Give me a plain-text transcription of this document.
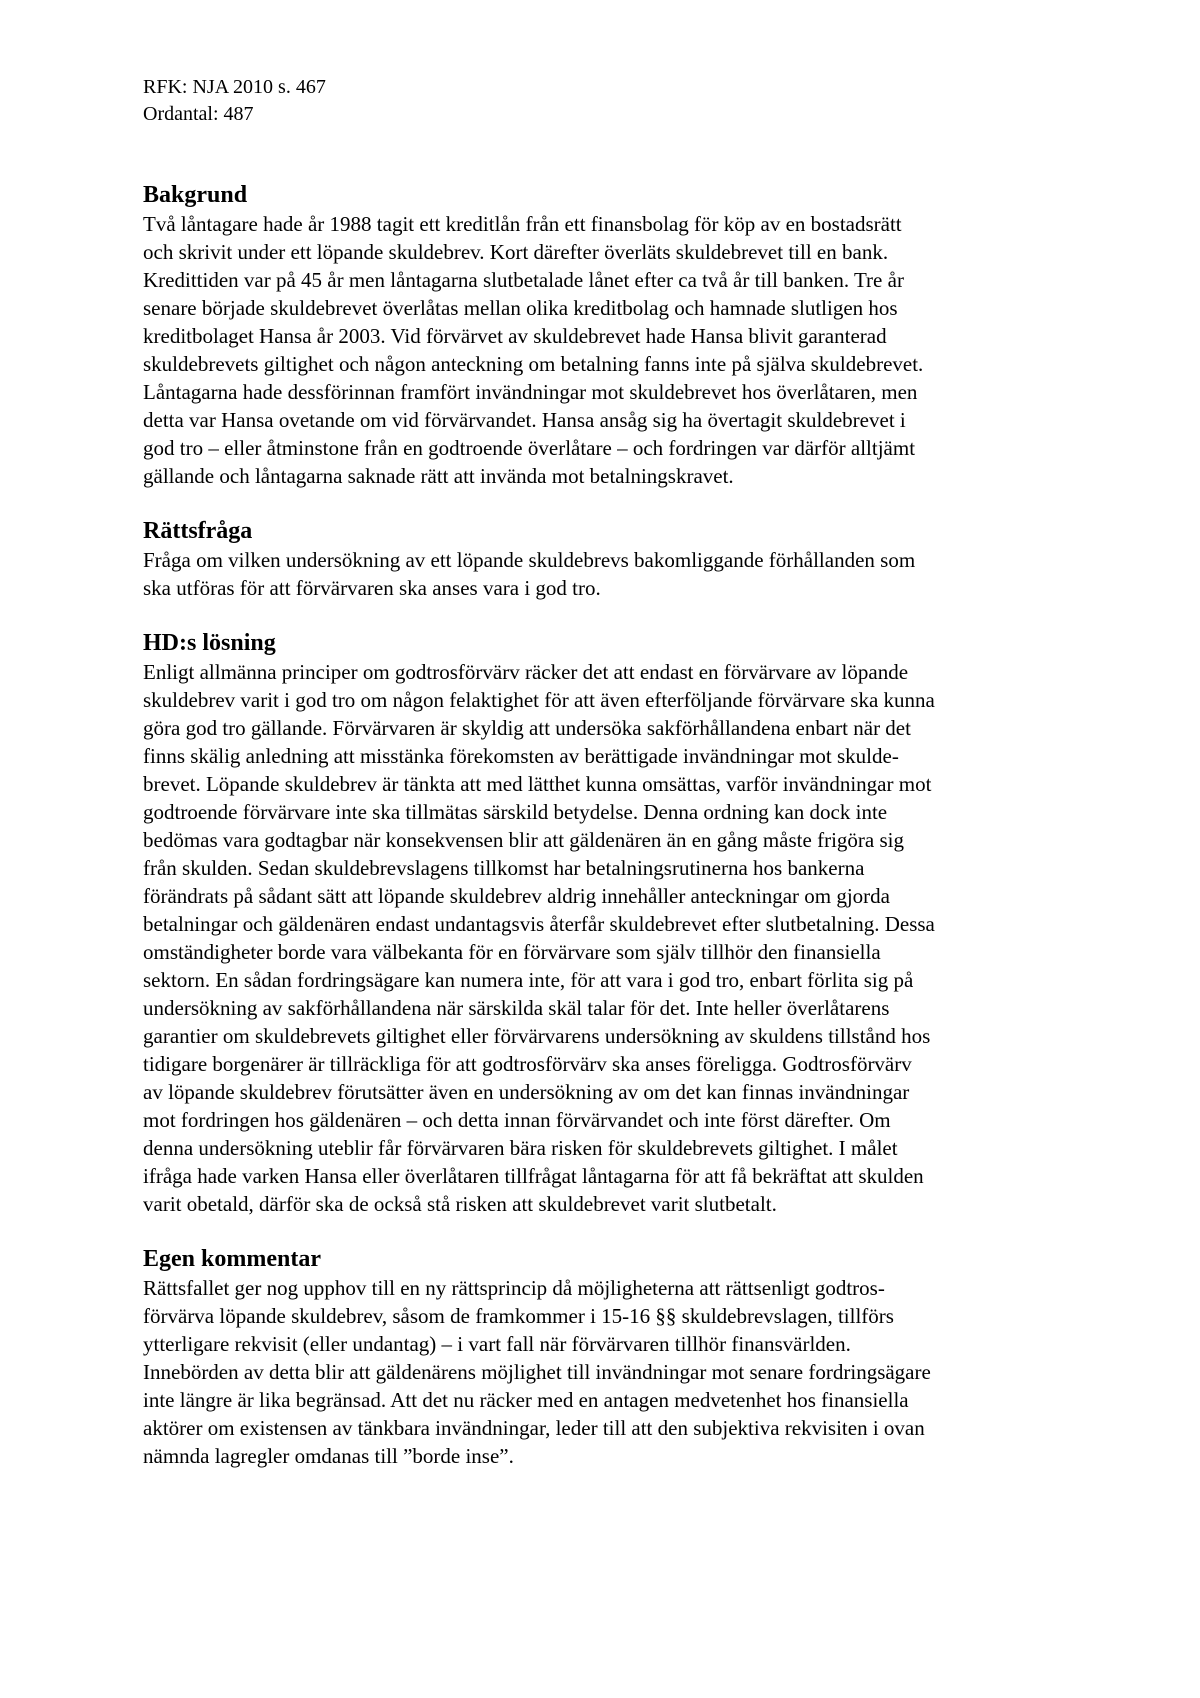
RFK: NJA 2010 s. 467

Ordantal: 487

Bakgrund
Två låntagare hade år 1988 tagit ett kreditlån från ett finansbolag för köp av en bostadsrätt
och skrivit under ett löpande skuldebrev. Kort därefter överläts skuldebrevet till en bank.
Kredittiden var på 45 år men låntagarna slutbetalade lånet efter ca två år till banken. Tre år
senare började skuldebrevet överlåtas mellan olika kreditbolag och hamnade slutligen hos
kreditbolaget Hansa år 2003. Vid förvärvet av skuldebrevet hade Hansa blivit garanterad
skuldebrevets giltighet och någon anteckning om betalning fanns inte på själva skuldebrevet.
Låntagarna hade dessförinnan framfört invändningar mot skuldebrevet hos överlåtaren, men
detta var Hansa ovetande om vid förvärvandet. Hansa ansåg sig ha övertagit skuldebrevet i
god tro – eller åtminstone från en godtroende överlåtare – och fordringen var därför alltjämt
gällande och låntagarna saknade rätt att invända mot betalningskravet.
Rättsfråga
Fråga om vilken undersökning av ett löpande skuldebrevs bakomliggande förhållanden som
ska utföras för att förvärvaren ska anses vara i god tro.
HD:s lösning
Enligt allmänna principer om godtrosförvärv räcker det att endast en förvärvare av löpande
skuldebrev varit i god tro om någon felaktighet för att även efterföljande förvärvare ska kunna
göra god tro gällande. Förvärvaren är skyldig att undersöka sakförhållandena enbart när det
finns skälig anledning att misstänka förekomsten av berättigade invändningar mot skulde-
brevet. Löpande skuldebrev är tänkta att med lätthet kunna omsättas, varför invändningar mot
godtroende förvärvare inte ska tillmätas särskild betydelse. Denna ordning kan dock inte
bedömas vara godtagbar när konsekvensen blir att gäldenären än en gång måste frigöra sig
från skulden. Sedan skuldebrevslagens tillkomst har betalningsrutinerna hos bankerna
förändrats på sådant sätt att löpande skuldebrev aldrig innehåller anteckningar om gjorda
betalningar och gäldenären endast undantagsvis återfår skuldebrevet efter slutbetalning. Dessa
omständigheter borde vara välbekanta för en förvärvare som själv tillhör den finansiella
sektorn. En sådan fordringsägare kan numera inte, för att vara i god tro, enbart förlita sig på
undersökning av sakförhållandena när särskilda skäl talar för det. Inte heller överlåtarens
garantier om skuldebrevets giltighet eller förvärvarens undersökning av skuldens tillstånd hos
tidigare borgenärer är tillräckliga för att godtrosförvärv ska anses föreligga. Godtrosförvärv
av löpande skuldebrev förutsätter även en undersökning av om det kan finnas invändningar
mot fordringen hos gäldenären – och detta innan förvärvandet och inte först därefter. Om
denna undersökning uteblir får förvärvaren bära risken för skuldebrevets giltighet. I målet
ifråga hade varken Hansa eller överlåtaren tillfrågat låntagarna för att få bekräftat att skulden
varit obetald, därför ska de också stå risken att skuldebrevet varit slutbetalt.
Egen kommentar
Rättsfallet ger nog upphov till en ny rättsprincip då möjligheterna att rättsenligt godtros-
förvärva löpande skuldebrev, såsom de framkommer i 15-16 §§ skuldebrevslagen, tillförs
ytterligare rekvisit (eller undantag) – i vart fall när förvärvaren tillhör finansvärlden.
Innebörden av detta blir att gäldenärens möjlighet till invändningar mot senare fordringsägare
inte längre är lika begränsad. Att det nu räcker med en antagen medvetenhet hos finansiella
aktörer om existensen av tänkbara invändningar, leder till att den subjektiva rekvisiten i ovan
nämnda lagregler omdanas till ”borde inse”.
